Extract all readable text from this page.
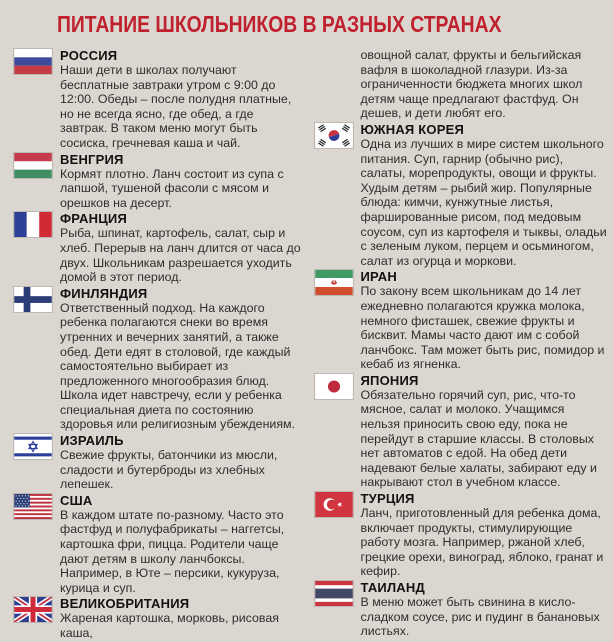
ПИТАНИЕ ШКОЛЬНИКОВ В РАЗНЫХ СТРАНАХ
РОССИЯ

Наши дети в школах получают бесплатные завтраки утром с 9:00 до 12:00. Обеды – после полудня платные, но не всегда ясно, где обед, а где завтрак. В таком меню могут быть сосиска, гречневая каша и чай.

ВЕНГРИЯ

Кормят плотно. Ланч состоит из супа с лапшой, тушеной фасоли с мясом и орешков на десерт.

ФРАНЦИЯ

Рыба, шпинат, картофель, салат, сыр и хлеб. Перерыв на ланч длится от часа до двух. Школьникам разрешается уходить домой в этот период.

ФИНЛЯНДИЯ

Ответственный подход. На каждого ребенка полагаются снеки во время утренних и вечерних занятий, а также обед. Дети едят в столовой, где каждый самостоятельно выбирает из предложенного многообразия блюд. Школа идет навстречу, если у ребенка специальная диета по состоянию здоровья или религиозным убеждениям.

ИЗРАИЛЬ

Свежие фрукты, батончики из мюсли, сладости и бутерброды из хлебных лепешек.

США

В каждом штате по-разному. Часто это фастфуд и полуфабрикаты – наггетсы, картошка фри, пицца. Родители чаще дают детям в школу ланчбоксы. Например, в Юте – персики, кукуруза, курица и суп.

ВЕЛИКОБРИТАНИЯ

Жареная картошка, морковь, рисовая каша,

овощной салат, фрукты и бельгийская вафля в шоколадной глазури. Из-за ограниченности бюджета многих школ детям чаще предлагают фастфуд. Он дешев, и дети любят его.

ЮЖНАЯ КОРЕЯ

Одна из лучших в мире систем школьного питания. Суп, гарнир (обычно рис), салаты, морепродукты, овощи и фрукты. Худым детям – рыбий жир. Популярные блюда: кимчи, кунжутные листья, фаршированные рисом, под медовым соусом, суп из картофеля и тыквы, оладьи с зеленым луком, перцем и осьминогом, салат из огурца и моркови.

ИРАН

По закону всем школьникам до 14 лет ежедневно полагаются кружка молока, немного фисташек, свежие фрукты и бисквит. Мамы часто дают им с собой ланчбокс. Там может быть рис, помидор и кебаб из ягненка.

ЯПОНИЯ

Обязательно горячий суп, рис, что-то мясное, салат и молоко. Учащимся нельзя приносить свою еду, пока не перейдут в старшие классы. В столовых нет автоматов с едой. На обед дети надевают белые халаты, забирают еду и накрывают стол в учебном классе.

ТУРЦИЯ

Ланч, приготовленный для ребенка дома, включает продукты, стимулирующие работу мозга. Например, ржаной хлеб, грецкие орехи, виноград, яблоко, гранат и кефир.

ТАИЛАНД

В меню может быть свинина в кисло-сладком соусе, рис и пудинг в банановых листьях.
